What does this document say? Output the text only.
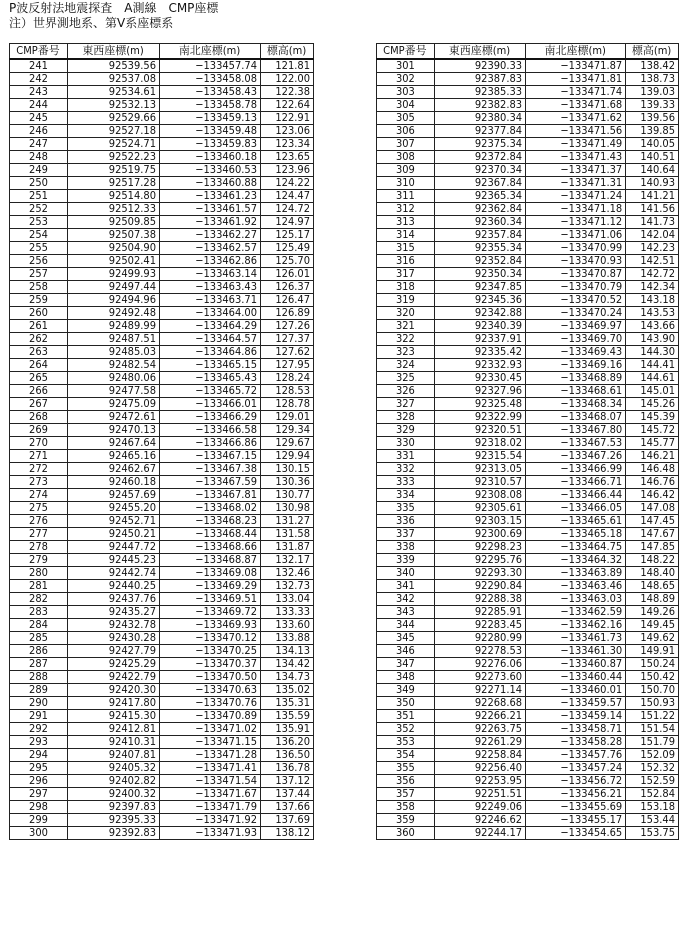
P波反射法地震探査　A測線　CMP座標
注）世界測地系、第Ⅴ系座標系
CMP番号	東西座標(m)	南北座標(m)	標高(m)
241	92539.56	−133457.74	121.81
242	92537.08	−133458.08	122.00
243	92534.61	−133458.43	122.38
244	92532.13	−133458.78	122.64
245	92529.66	−133459.13	122.91
246	92527.18	−133459.48	123.06
247	92524.71	−133459.83	123.34
248	92522.23	−133460.18	123.65
249	92519.75	−133460.53	123.96
250	92517.28	−133460.88	124.22
251	92514.80	−133461.23	124.47
252	92512.33	−133461.57	124.72
253	92509.85	−133461.92	124.97
254	92507.38	−133462.27	125.17
255	92504.90	−133462.57	125.49
256	92502.41	−133462.86	125.70
257	92499.93	−133463.14	126.01
258	92497.44	−133463.43	126.37
259	92494.96	−133463.71	126.47
260	92492.48	−133464.00	126.89
261	92489.99	−133464.29	127.26
262	92487.51	−133464.57	127.37
263	92485.03	−133464.86	127.62
264	92482.54	−133465.15	127.95
265	92480.06	−133465.43	128.24
266	92477.58	−133465.72	128.53
267	92475.09	−133466.01	128.78
268	92472.61	−133466.29	129.01
269	92470.13	−133466.58	129.34
270	92467.64	−133466.86	129.67
271	92465.16	−133467.15	129.94
272	92462.67	−133467.38	130.15
273	92460.18	−133467.59	130.36
274	92457.69	−133467.81	130.77
275	92455.20	−133468.02	130.98
276	92452.71	−133468.23	131.27
277	92450.21	−133468.44	131.58
278	92447.72	−133468.66	131.87
279	92445.23	−133468.87	132.17
280	92442.74	−133469.08	132.46
281	92440.25	−133469.29	132.73
282	92437.76	−133469.51	133.04
283	92435.27	−133469.72	133.33
284	92432.78	−133469.93	133.60
285	92430.28	−133470.12	133.88
286	92427.79	−133470.25	134.13
287	92425.29	−133470.37	134.42
288	92422.79	−133470.50	134.73
289	92420.30	−133470.63	135.02
290	92417.80	−133470.76	135.31
291	92415.30	−133470.89	135.59
292	92412.81	−133471.02	135.91
293	92410.31	−133471.15	136.20
294	92407.81	−133471.28	136.50
295	92405.32	−133471.41	136.78
296	92402.82	−133471.54	137.12
297	92400.32	−133471.67	137.44
298	92397.83	−133471.79	137.66
299	92395.33	−133471.92	137.69
300	92392.83	−133471.93	138.12
CMP番号	東西座標(m)	南北座標(m)	標高(m)
301	92390.33	−133471.87	138.42
302	92387.83	−133471.81	138.73
303	92385.33	−133471.74	139.03
304	92382.83	−133471.68	139.33
305	92380.34	−133471.62	139.56
306	92377.84	−133471.56	139.85
307	92375.34	−133471.49	140.05
308	92372.84	−133471.43	140.51
309	92370.34	−133471.37	140.64
310	92367.84	−133471.31	140.93
311	92365.34	−133471.24	141.21
312	92362.84	−133471.18	141.56
313	92360.34	−133471.12	141.73
314	92357.84	−133471.06	142.04
315	92355.34	−133470.99	142.23
316	92352.84	−133470.93	142.51
317	92350.34	−133470.87	142.72
318	92347.85	−133470.79	142.34
319	92345.36	−133470.52	143.18
320	92342.88	−133470.24	143.53
321	92340.39	−133469.97	143.66
322	92337.91	−133469.70	143.90
323	92335.42	−133469.43	144.30
324	92332.93	−133469.16	144.41
325	92330.45	−133468.89	144.61
326	92327.96	−133468.61	145.01
327	92325.48	−133468.34	145.26
328	92322.99	−133468.07	145.39
329	92320.51	−133467.80	145.72
330	92318.02	−133467.53	145.77
331	92315.54	−133467.26	146.21
332	92313.05	−133466.99	146.48
333	92310.57	−133466.71	146.76
334	92308.08	−133466.44	146.42
335	92305.61	−133466.05	147.08
336	92303.15	−133465.61	147.45
337	92300.69	−133465.18	147.67
338	92298.23	−133464.75	147.85
339	92295.76	−133464.32	148.22
340	92293.30	−133463.89	148.40
341	92290.84	−133463.46	148.65
342	92288.38	−133463.03	148.89
343	92285.91	−133462.59	149.26
344	92283.45	−133462.16	149.45
345	92280.99	−133461.73	149.62
346	92278.53	−133461.30	149.91
347	92276.06	−133460.87	150.24
348	92273.60	−133460.44	150.42
349	92271.14	−133460.01	150.70
350	92268.68	−133459.57	150.93
351	92266.21	−133459.14	151.22
352	92263.75	−133458.71	151.54
353	92261.29	−133458.28	151.79
354	92258.84	−133457.76	152.09
355	92256.40	−133457.24	152.32
356	92253.95	−133456.72	152.59
357	92251.51	−133456.21	152.84
358	92249.06	−133455.69	153.18
359	92246.62	−133455.17	153.44
360	92244.17	−133454.65	153.75
